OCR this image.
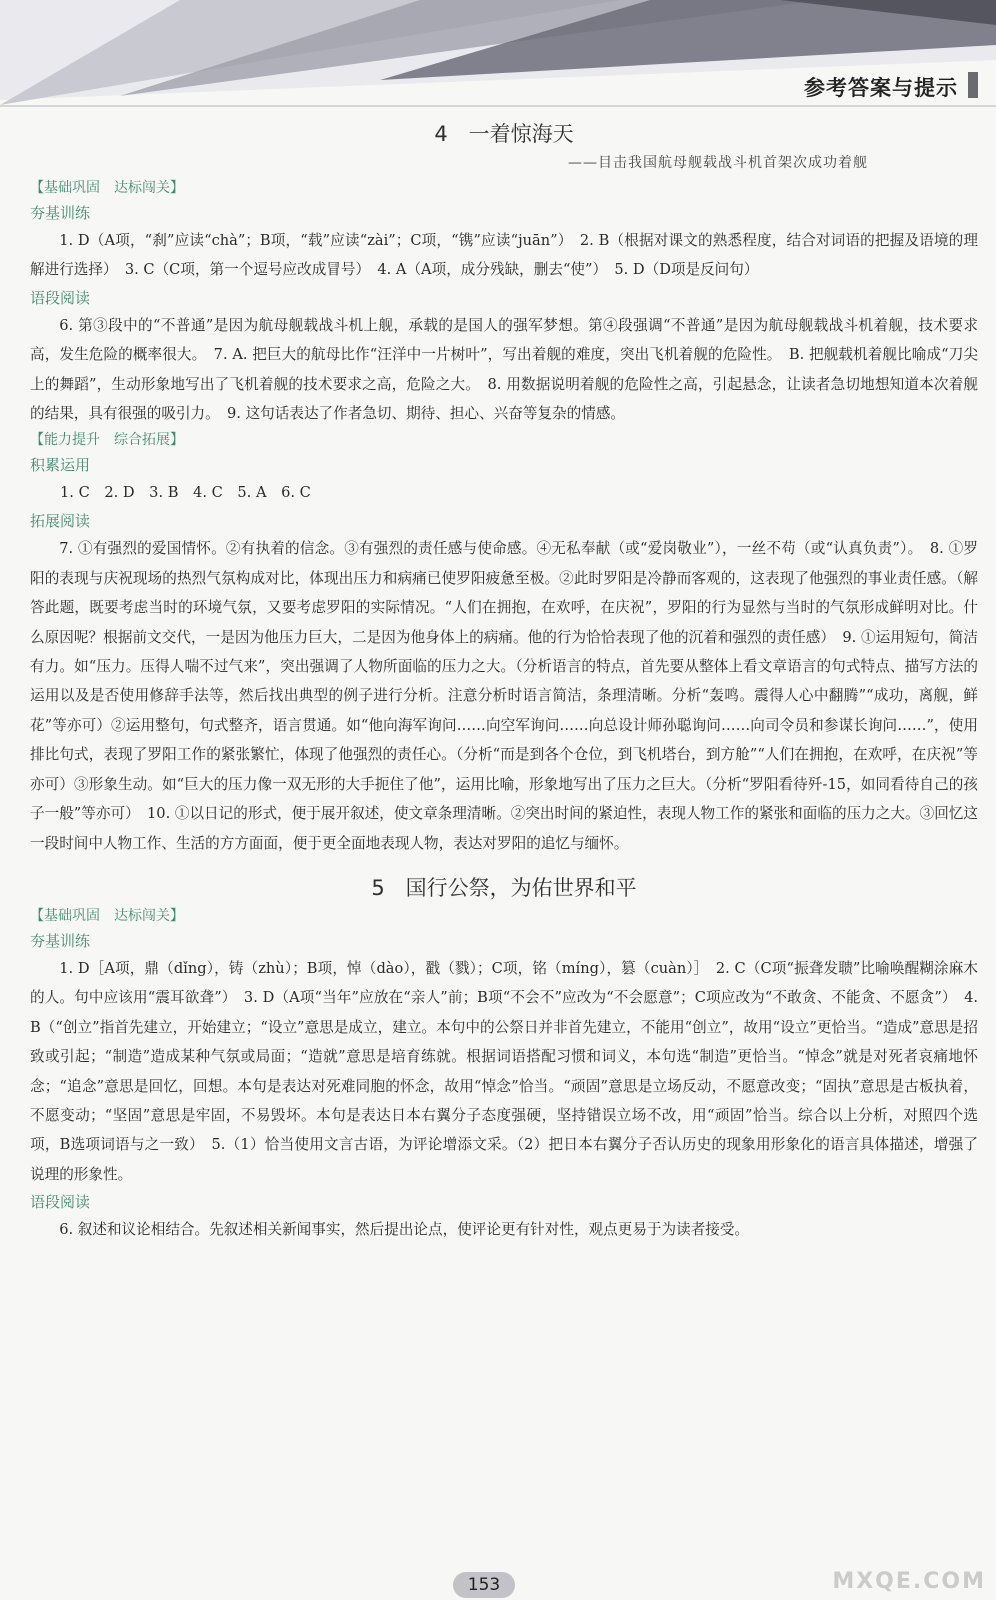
参考答案与提示
4　一着惊海天
——目击我国航母舰载战斗机首架次成功着舰
【基础巩固　达标闯关】
夯基训练

1. D（A项，“刹”应读“chà”；B项，“载”应读“zài”；C项，“镌”应读“juān”）　2. B（根据对课文的熟悉程度，结合对词语的把握及语境的理解进行选择）　3. C（C项，第一个逗号应改成冒号）　4. A（A项，成分残缺，删去“使”）　5. D（D项是反问句）

语段阅读

6. 第③段中的“不普通”是因为航母舰载战斗机上舰，承载的是国人的强军梦想。第④段强调“不普通”是因为航母舰载战斗机着舰，技术要求高，发生危险的概率很大。　7. A. 把巨大的航母比作“汪洋中一片树叶”，写出着舰的难度，突出飞机着舰的危险性。　B. 把舰载机着舰比喻成“刀尖上的舞蹈”，生动形象地写出了飞机着舰的技术要求之高，危险之大。　8. 用数据说明着舰的危险性之高，引起悬念，让读者急切地想知道本次着舰的结果，具有很强的吸引力。　9. 这句话表达了作者急切、期待、担心、兴奋等复杂的情感。

【能力提升　综合拓展】
积累运用
1. C　2. D　3. B　4. C　5. A　6. C
拓展阅读

7. ①有强烈的爱国情怀。②有执着的信念。③有强烈的责任感与使命感。④无私奉献（或“爱岗敬业”），一丝不苟（或“认真负责”）。　8. ①罗阳的表现与庆祝现场的热烈气氛构成对比，体现出压力和病痛已使罗阳疲惫至极。②此时罗阳是冷静而客观的，这表现了他强烈的事业责任感。（解答此题，既要考虑当时的环境气氛，又要考虑罗阳的实际情况。“人们在拥抱，在欢呼，在庆祝”，罗阳的行为显然与当时的气氛形成鲜明对比。什么原因呢？根据前文交代，一是因为他压力巨大，二是因为他身体上的病痛。他的行为恰恰表现了他的沉着和强烈的责任感）　9. ①运用短句，简洁有力。如“压力。压得人喘不过气来”，突出强调了人物所面临的压力之大。（分析语言的特点，首先要从整体上看文章语言的句式特点、描写方法的运用以及是否使用修辞手法等，然后找出典型的例子进行分析。注意分析时语言简洁，条理清晰。分析“轰鸣。震得人心中翻腾”“成功，离舰，鲜花”等亦可）②运用整句，句式整齐，语言贯通。如“他向海军询问……向空军询问……向总设计师孙聪询问……向司令员和参谋长询问……”，使用排比句式，表现了罗阳工作的紧张繁忙，体现了他强烈的责任心。（分析“而是到各个仓位，到飞机塔台，到方舱”“人们在拥抱，在欢呼，在庆祝”等亦可）③形象生动。如“巨大的压力像一双无形的大手扼住了他”，运用比喻，形象地写出了压力之巨大。（分析“罗阳看待歼-15，如同看待自己的孩子一般”等亦可）　10. ①以日记的形式，便于展开叙述，使文章条理清晰。②突出时间的紧迫性，表现人物工作的紧张和面临的压力之大。③回忆这一段时间中人物工作、生活的方方面面，便于更全面地表现人物，表达对罗阳的追忆与缅怀。

5　国行公祭，为佑世界和平
【基础巩固　达标闯关】
夯基训练

1. D［A项，鼎（dǐng），铸（zhù）；B项，悼（dào），戳（戮）；C项，铭（míng），篡（cuàn）］　2. C（C项“振聋发聩”比喻唤醒糊涂麻木的人。句中应该用“震耳欲聋”）　3. D（A项“当年”应放在“亲人”前；B项“不会不”应改为“不会愿意”；C项应改为“不敢贪、不能贪、不愿贪”）　4. B（“创立”指首先建立，开始建立；“设立”意思是成立，建立。本句中的公祭日并非首先建立，不能用“创立”，故用“设立”更恰当。“造成”意思是招致或引起；“制造”造成某种气氛或局面；“造就”意思是培育练就。根据词语搭配习惯和词义，本句选“制造”更恰当。“悼念”就是对死者哀痛地怀念；“追念”意思是回忆，回想。本句是表达对死难同胞的怀念，故用“悼念”恰当。“顽固”意思是立场反动，不愿意改变；“固执”意思是古板执着，不愿变动；“坚固”意思是牢固，不易毁坏。本句是表达日本右翼分子态度强硬，坚持错误立场不改，用“顽固”恰当。综合以上分析，对照四个选项，B选项词语与之一致）　5.（1）恰当使用文言古语，为评论增添文采。（2）把日本右翼分子否认历史的现象用形象化的语言具体描述，增强了说理的形象性。

语段阅读

6. 叙述和议论相结合。先叙述相关新闻事实，然后提出论点，使评论更有针对性，观点更易于为读者接受。

153	MXQE.COM
